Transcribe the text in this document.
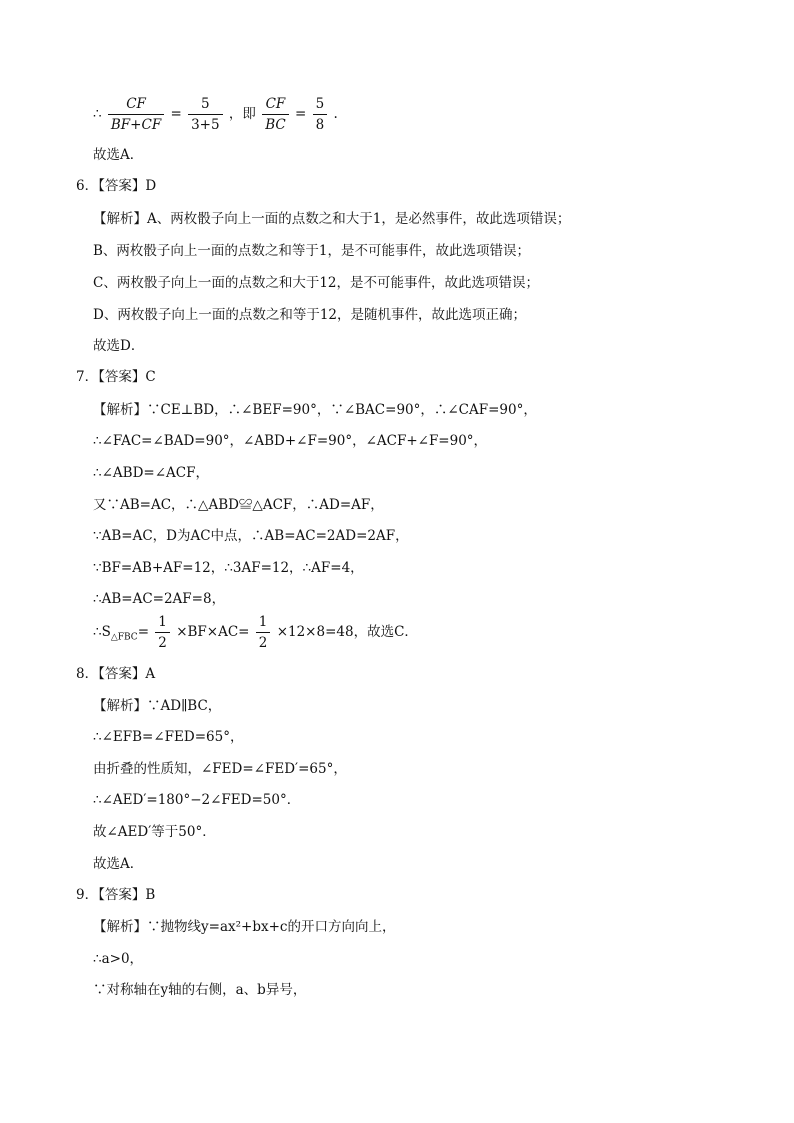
∴ $\frac{CF}{BF+CF} = \frac{5}{3+5}$ ，即 $\frac{CF}{BC} = \frac{5}{8}$ .
故选A．
6．【答案】D
【解析】A、两枚骰子向上一面的点数之和大于1，是必然事件，故此选项错误；
B、两枚骰子向上一面的点数之和等于1，是不可能事件，故此选项错误；
C、两枚骰子向上一面的点数之和大于12，是不可能事件，故此选项错误；
D、两枚骰子向上一面的点数之和等于12，是随机事件，故此选项正确；
故选D．
7．【答案】C
【解析】∵CE⊥BD，∴∠BEF=90°，∵∠BAC=90°，∴∠CAF=90°，
∴∠FAC=∠BAD=90°，∠ABD+∠F=90°，∠ACF+∠F=90°，
∴∠ABD=∠ACF，
又∵AB=AC，∴△ABD≌△ACF，∴AD=AF，
∵AB=AC，D为AC中点，∴AB=AC=2AD=2AF，
∵BF=AB+AF=12，∴3AF=12，∴AF=4，
∴AB=AC=2AF=8，
$\therefore S_{\triangle FBC}= \frac{1}{2} \times BF\times AC= \frac{1}{2} \times 12\times 8=48$，故选C．
8．【答案】A
【解析】∵AD∥BC，
∴∠EFB=∠FED=65°，
由折叠的性质知，∠FED=∠FED′=65°，
∴∠AED′=180°−2∠FED=50°．
故∠AED′等于50°．
故选A．
9．【答案】B
【解析】∵抛物线y=ax²+bx+c的开口方向向上，
∴a>0，
∵对称轴在y轴的右侧，a、b异号，
